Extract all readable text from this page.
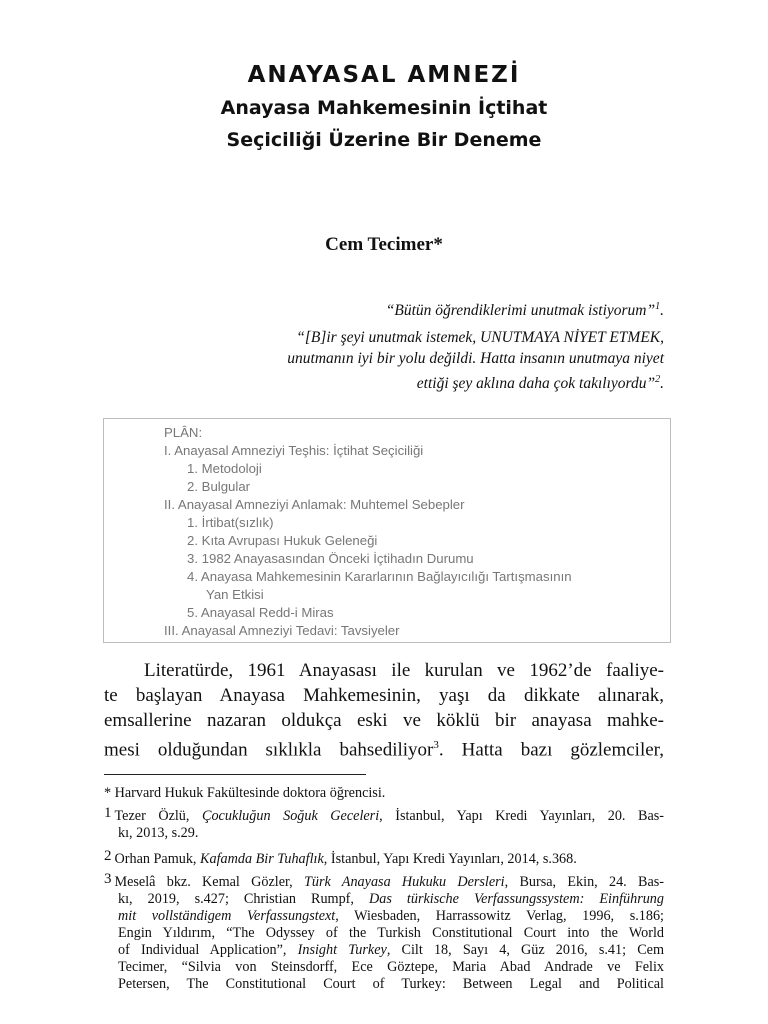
ANAYASAL AMNEZİ
Anayasa Mahkemesinin İçtihat
Seçiciliği Üzerine Bir Deneme
Cem Tecimer*
“Bütün öğrendiklerimi unutmak istiyorum”$^1$.
“[B]ir şeyi unutmak istemek, UNUTMAYA NİYET ETMEK,
unutmanın iyi bir yolu değildi. Hatta insanın unutmaya niyet
ettiği şey aklına daha çok takılıyordu”$^2$.
PLÂN:
I. Anayasal Amneziyi Teşhis: İçtihat Seçiciliği
1. Metodoloji
2. Bulgular
II. Anayasal Amneziyi Anlamak: Muhtemel Sebepler
1. İrtibat(sızlık)
2. Kıta Avrupası Hukuk Geleneği
3. 1982 Anayasasından Önceki İçtihadın Durumu
4. Anayasa Mahkemesinin Kararlarının Bağlayıcılığı Tartışmasının
Yan Etkisi
5. Anayasal Redd-i Miras
III. Anayasal Amneziyi Tedavi: Tavsiyeler
Literatürde, 1961 Anayasası ile kurulan ve 1962’de faaliye-
te başlayan Anayasa Mahkemesinin, yaşı da dikkate alınarak,
emsallerine nazaran oldukça eski ve köklü bir anayasa mahke-
mesi olduğundan sıklıkla bahsediliyor$^3$. Hatta bazı gözlemciler,
* Harvard Hukuk Fakültesinde doktora öğrencisi.
$^1$ Tezer Özlü, Çocukluğun Soğuk Geceleri, İstanbul, Yapı Kredi Yayınları, 20. Bas-
kı, 2013, s.29.
$^2$ Orhan Pamuk, Kafamda Bir Tuhaflık, İstanbul, Yapı Kredi Yayınları, 2014, s.368.
$^3$ Meselâ bkz. Kemal Gözler, Türk Anayasa Hukuku Dersleri, Bursa, Ekin, 24. Bas-
kı, 2019, s.427; Christian Rumpf, Das türkische Verfassungssystem: Einführung
mit vollständigem Verfassungstext, Wiesbaden, Harrassowitz Verlag, 1996, s.186;
Engin Yıldırım, “The Odyssey of the Turkish Constitutional Court into the World
of Individual Application”, Insight Turkey, Cilt 18, Sayı 4, Güz 2016, s.41; Cem
Tecimer, “Silvia von Steinsdorff, Ece Göztepe, Maria Abad Andrade ve Felix
Petersen, The Constitutional Court of Turkey: Between Legal and Political
